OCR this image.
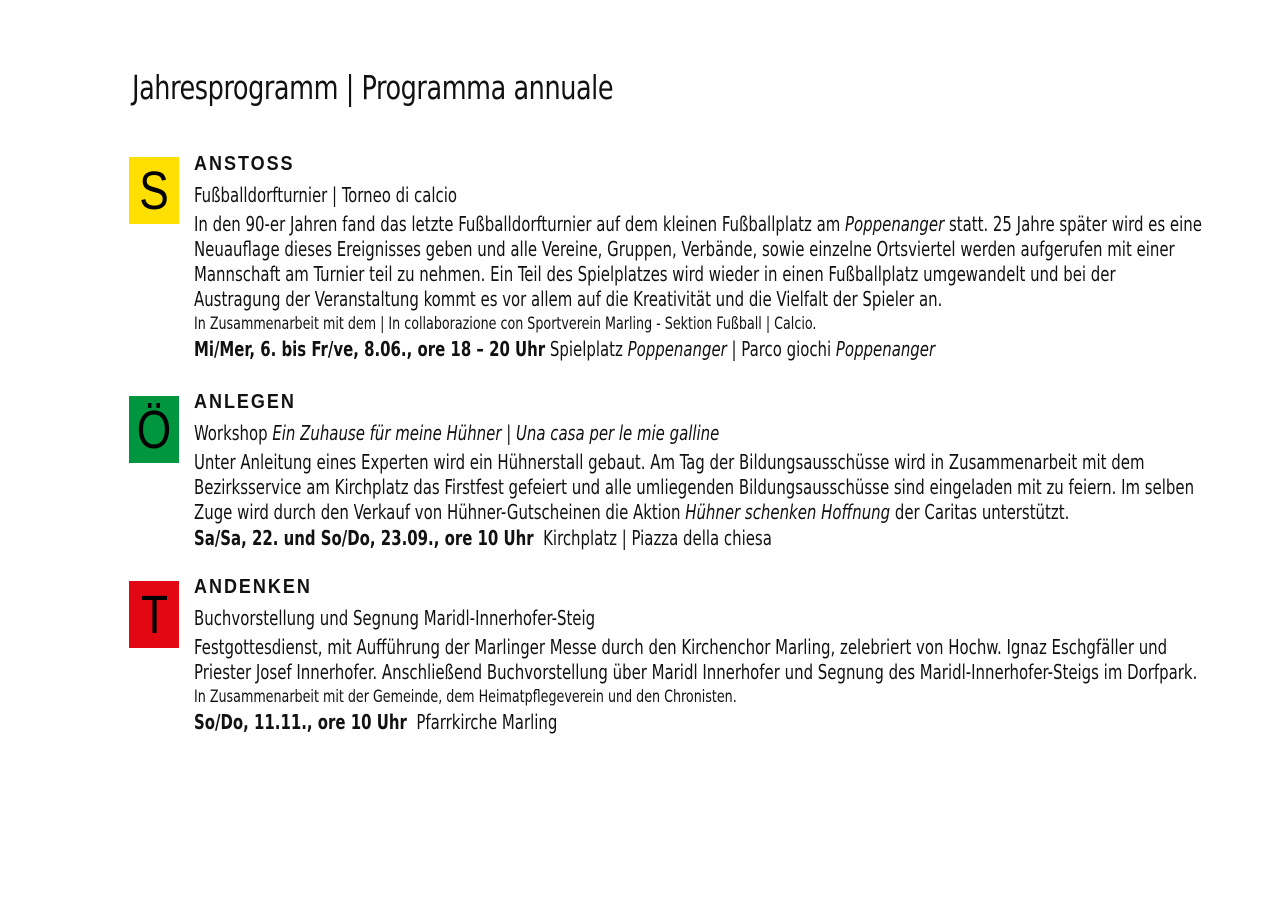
Jahresprogramm | Programma annuale
S ANSTOSS
Fußballdorfturnier | Torneo di calcio
In den 90-er Jahren fand das letzte Fußballdorfturnier auf dem kleinen Fußballplatz am Poppenanger statt. 25 Jahre später wird es eine Neuauflage dieses Ereignisses geben und alle Vereine, Gruppen, Verbände, sowie einzelne Ortsviertel werden aufgerufen mit einer Mannschaft am Turnier teil zu nehmen. Ein Teil des Spielplatzes wird wieder in einen Fußballplatz umgewandelt und bei der Austragung der Veranstaltung kommt es vor allem auf die Kreativität und die Vielfalt der Spieler an.
In Zusammenarbeit mit dem | In collaborazione con Sportverein Marling - Sektion Fußball | Calcio.
Mi/Mer, 6. bis Fr/ve, 8.06., ore 18 – 20 Uhr Spielplatz Poppenanger | Parco giochi Poppenanger
Ö ANLEGEN
Workshop Ein Zuhause für meine Hühner | Una casa per le mie galline
Unter Anleitung eines Experten wird ein Hühnerstall gebaut. Am Tag der Bildungsausschüsse wird in Zusammenarbeit mit dem Bezirksservice am Kirchplatz das Firstfest gefeiert und alle umliegenden Bildungsausschüsse sind eingeladen mit zu feiern. Im selben Zuge wird durch den Verkauf von Hühner-Gutscheinen die Aktion Hühner schenken Hoffnung der Caritas unterstützt.
Sa/Sa, 22. und So/Do, 23.09., ore 10 Uhr  Kirchplatz | Piazza della chiesa
T ANDENKEN
Buchvorstellung und Segnung Maridl-Innerhofer-Steig
Festgottesdienst, mit Aufführung der Marlinger Messe durch den Kirchenchor Marling, zelebriert von Hochw. Ignaz Eschgfäller und Priester Josef Innerhofer. Anschließend Buchvorstellung über Maridl Innerhofer und Segnung des Maridl-Innerhofer-Steigs im Dorfpark.
In Zusammenarbeit mit der Gemeinde, dem Heimatpflegeverein und den Chronisten.
So/Do, 11.11., ore 10 Uhr  Pfarrkirche Marling
